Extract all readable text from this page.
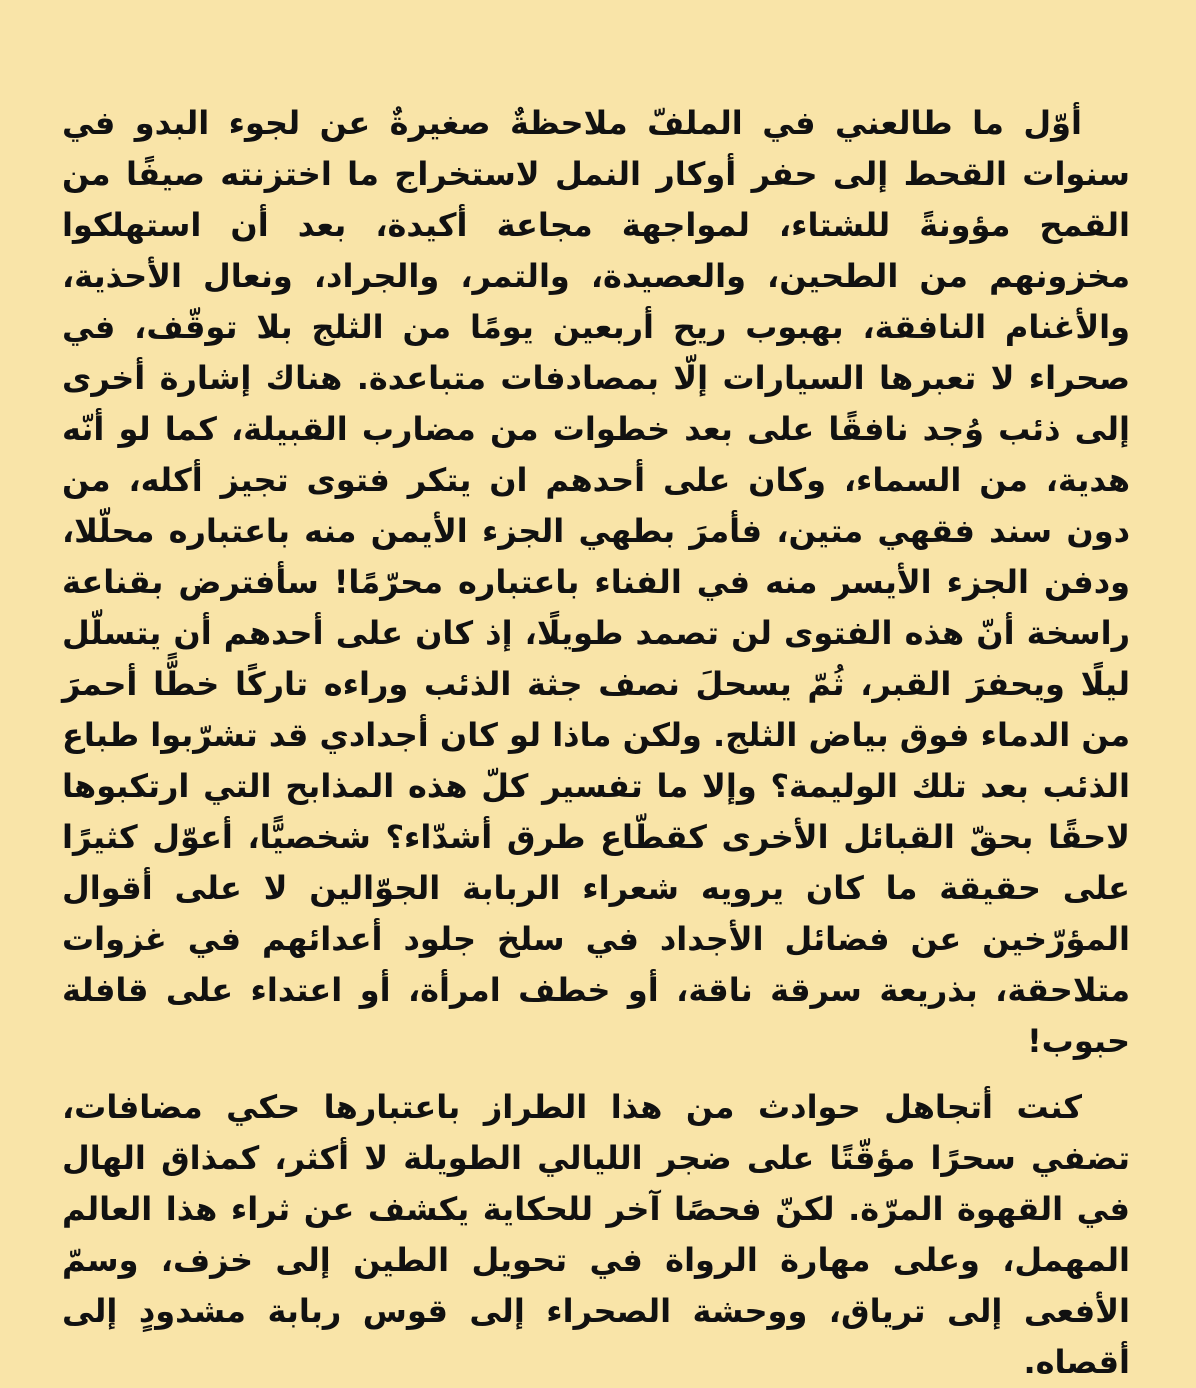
أوّل ما طالعني في الملفّ ملاحظةٌ صغيرةٌ عن لجوء البدو في سنوات القحط إلى حفر أوكار النمل لاستخراج ما اختزنته صيفًا من القمح مؤونةً للشتاء، لمواجهة مجاعة أكيدة، بعد أن استهلكوا مخزونهم من الطحين، والعصيدة، والتمر، والجراد، ونعال الأحذية، والأغنام النافقة، بهبوب ريح أربعين يومًا من الثلج بلا توقّف، في صحراء لا تعبرها السيارات إلّا بمصادفات متباعدة. هناك إشارة أخرى إلى ذئب وُجد نافقًا على بعد خطوات من مضارب القبيلة، كما لو أنّه هدية، من السماء، وكان على أحدهم ان يتكر فتوى تجيز أكله، من دون سند فقهي متين، فأمرَ بطهي الجزء الأيمن منه باعتباره محلّلا، ودفن الجزء الأيسر منه في الفناء باعتباره محرّمًا! سأفترض بقناعة راسخة أنّ هذه الفتوى لن تصمد طويلًا، إذ كان على أحدهم أن يتسلّل ليلًا ويحفرَ القبر، ثُمّ يسحلَ نصف جثة الذئب وراءه تاركًا خطًّا أحمرَ من الدماء فوق بياض الثلج. ولكن ماذا لو كان أجدادي قد تشرّبوا طباع الذئب بعد تلك الوليمة؟ وإلا ما تفسير كلّ هذه المذابح التي ارتكبوها لاحقًا بحقّ القبائل الأخرى كقطّاع طرق أشدّاء؟ شخصيًّا، أعوّل كثيرًا على حقيقة ما كان يرويه شعراء الربابة الجوّالين لا على أقوال المؤرّخين عن فضائل الأجداد في سلخ جلود أعدائهم في غزوات متلاحقة، بذريعة سرقة ناقة، أو خطف امرأة، أو اعتداء على قافلة حبوب!

كنت أتجاهل حوادث من هذا الطراز باعتبارها حكي مضافات، تضفي سحرًا مؤقّتًا على ضجر الليالي الطويلة لا أكثر، كمذاق الهال في القهوة المرّة. لكنّ فحصًا آخر للحكاية يكشف عن ثراء هذا العالم المهمل، وعلى مهارة الرواة في تحويل الطين إلى خزف، وسمّ الأفعى إلى ترياق، ووحشة الصحراء إلى قوس ربابة مشدودٍ إلى أقصاه.
